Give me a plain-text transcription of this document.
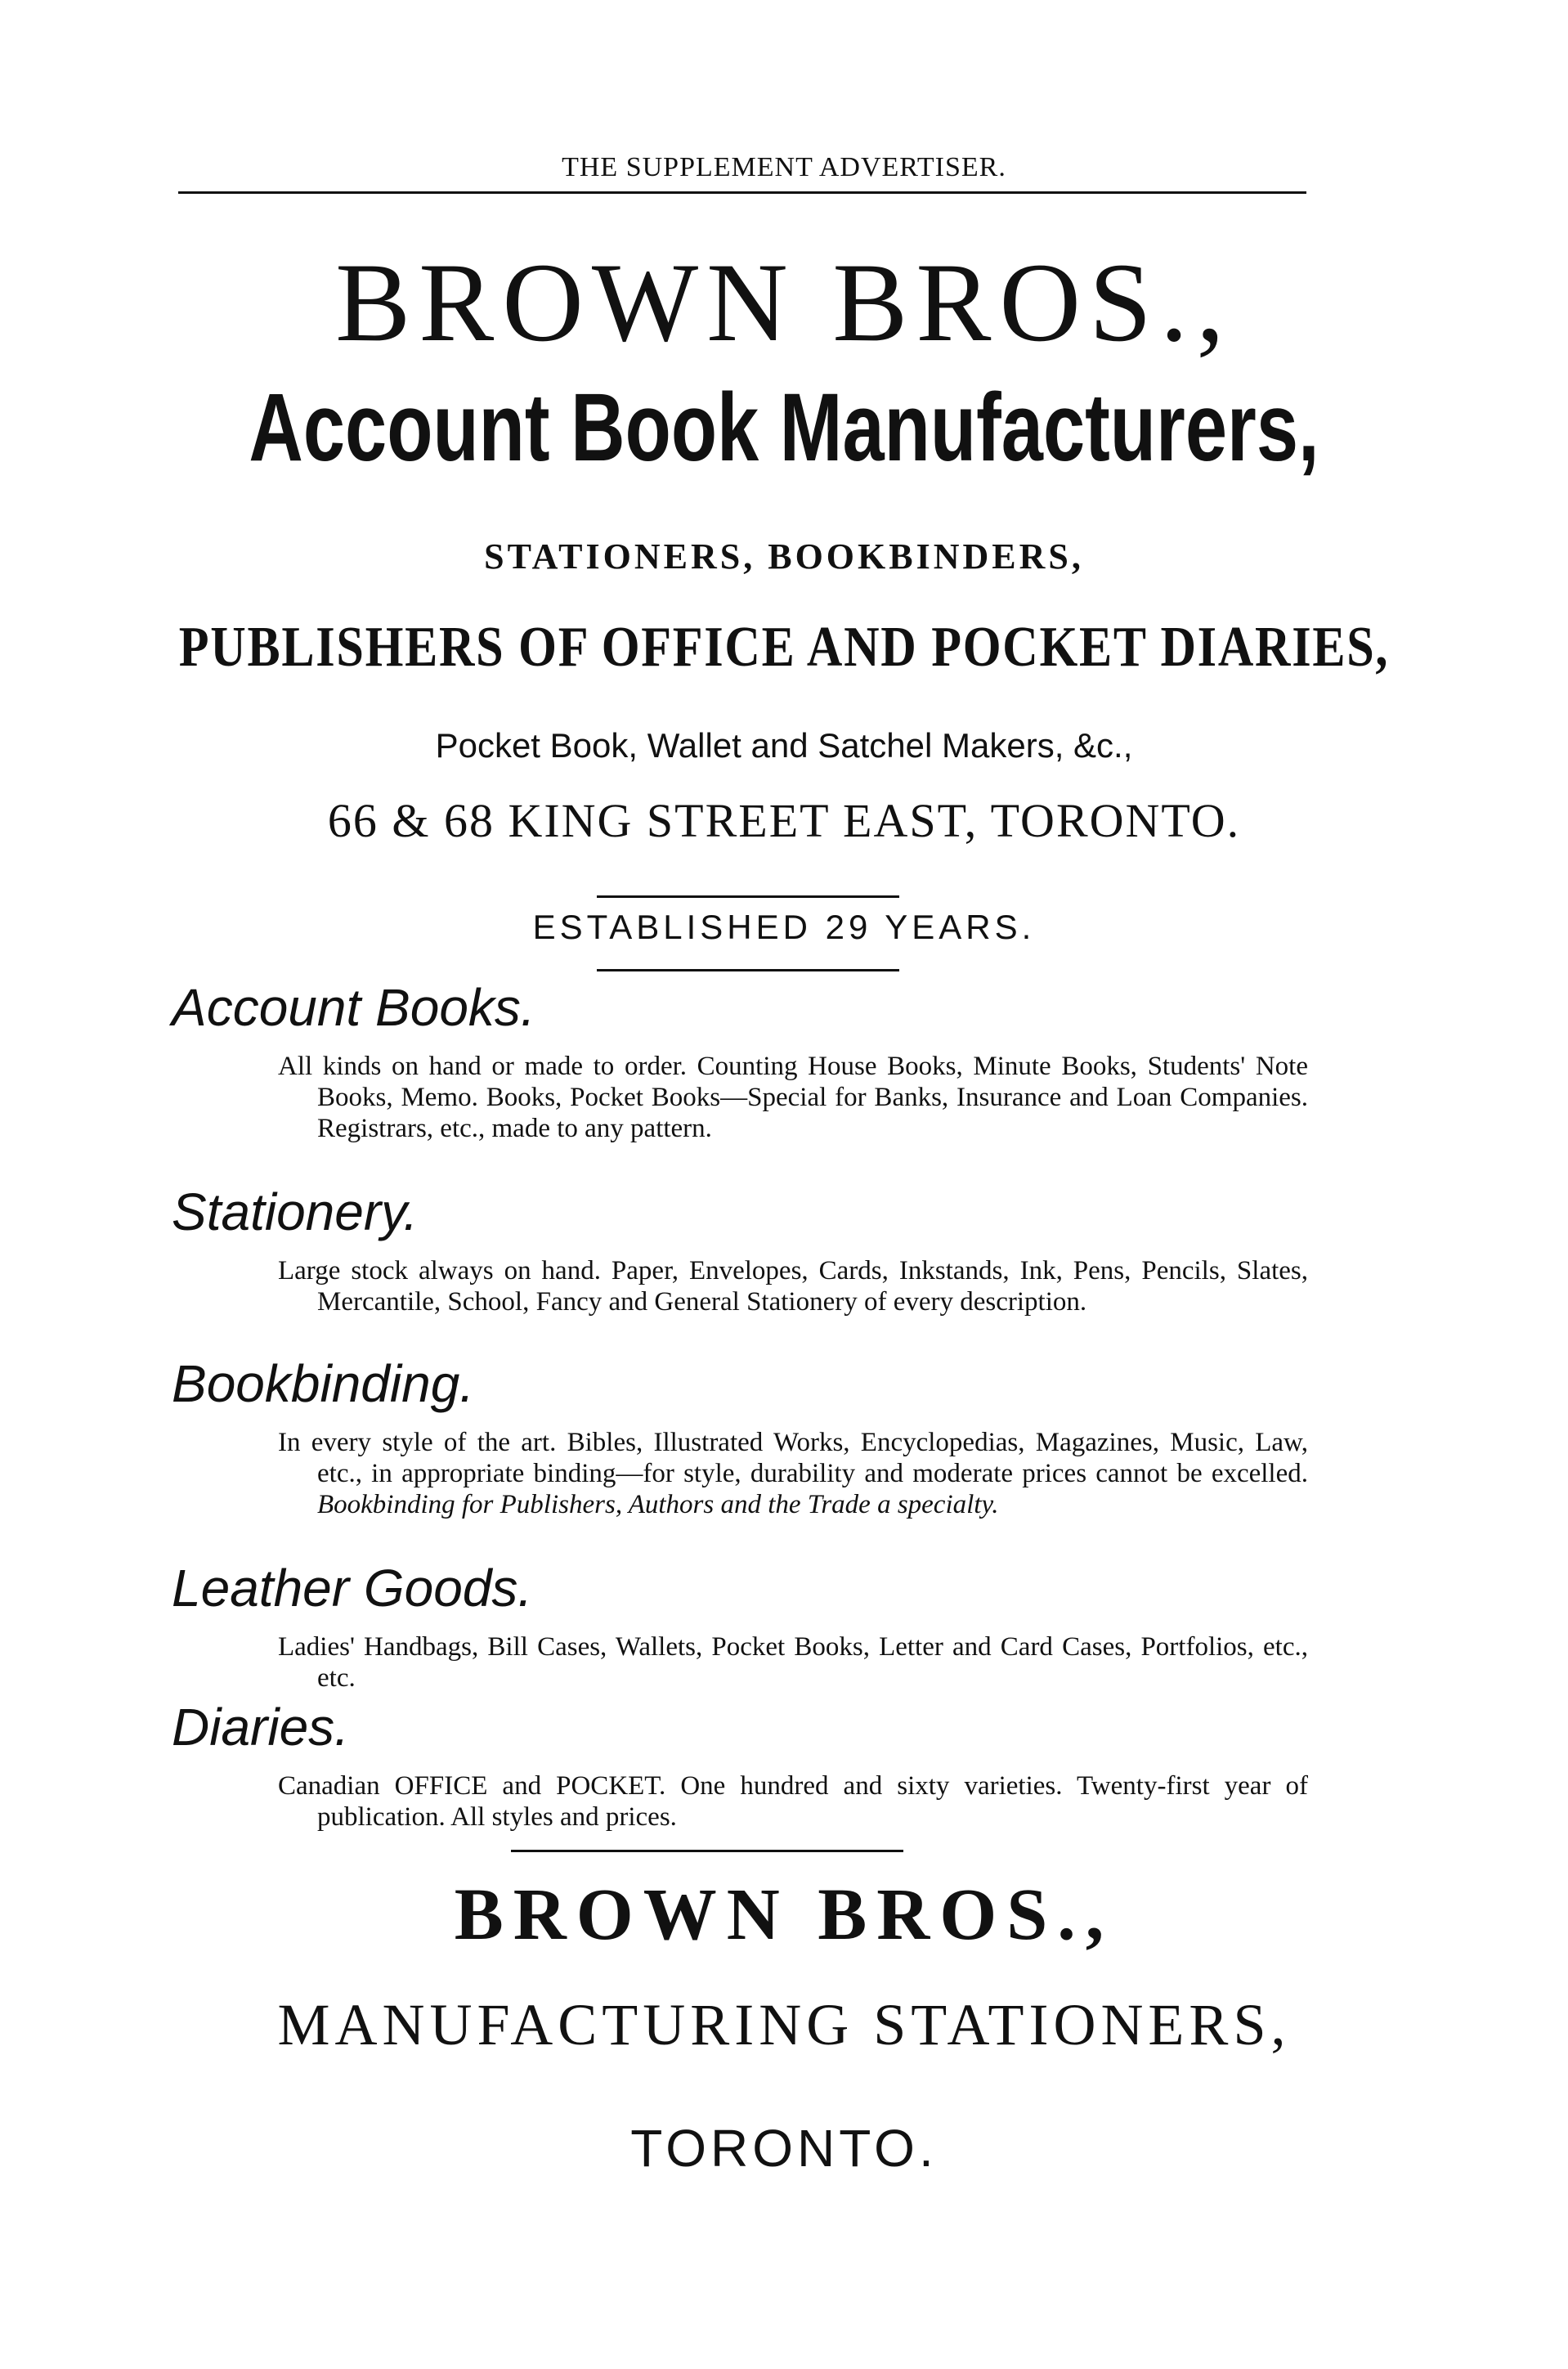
THE SUPPLEMENT ADVERTISER.
BROWN BROS.,
Account Book Manufacturers,
STATIONERS, BOOKBINDERS,
PUBLISHERS OF OFFICE AND POCKET DIARIES,
Pocket Book, Wallet and Satchel Makers, &c.,
66 & 68 KING STREET EAST, TORONTO.
ESTABLISHED 29 YEARS.
Account Books.

All kinds on hand or made to order. Counting House Books, Minute Books, Students' Note Books, Memo. Books, Pocket Books—Special for Banks, Insurance and Loan Companies. Registrars, etc., made to any pattern.

Stationery.

Large stock always on hand. Paper, Envelopes, Cards, Inkstands, Ink, Pens, Pencils, Slates, Mercantile, School, Fancy and General Stationery of every description.

Bookbinding.

In every style of the art. Bibles, Illustrated Works, Encyclopedias, Magazines, Music, Law, etc., in appropriate binding—for style, durability and moderate prices cannot be excelled. Bookbinding for Publishers, Authors and the Trade a specialty.

Leather Goods.

Ladies' Handbags, Bill Cases, Wallets, Pocket Books, Letter and Card Cases, Portfolios, etc., etc.

Diaries.

Canadian OFFICE and POCKET. One hundred and sixty varieties. Twenty-first year of publication. All styles and prices.

BROWN BROS.,
MANUFACTURING STATIONERS,
TORONTO.
